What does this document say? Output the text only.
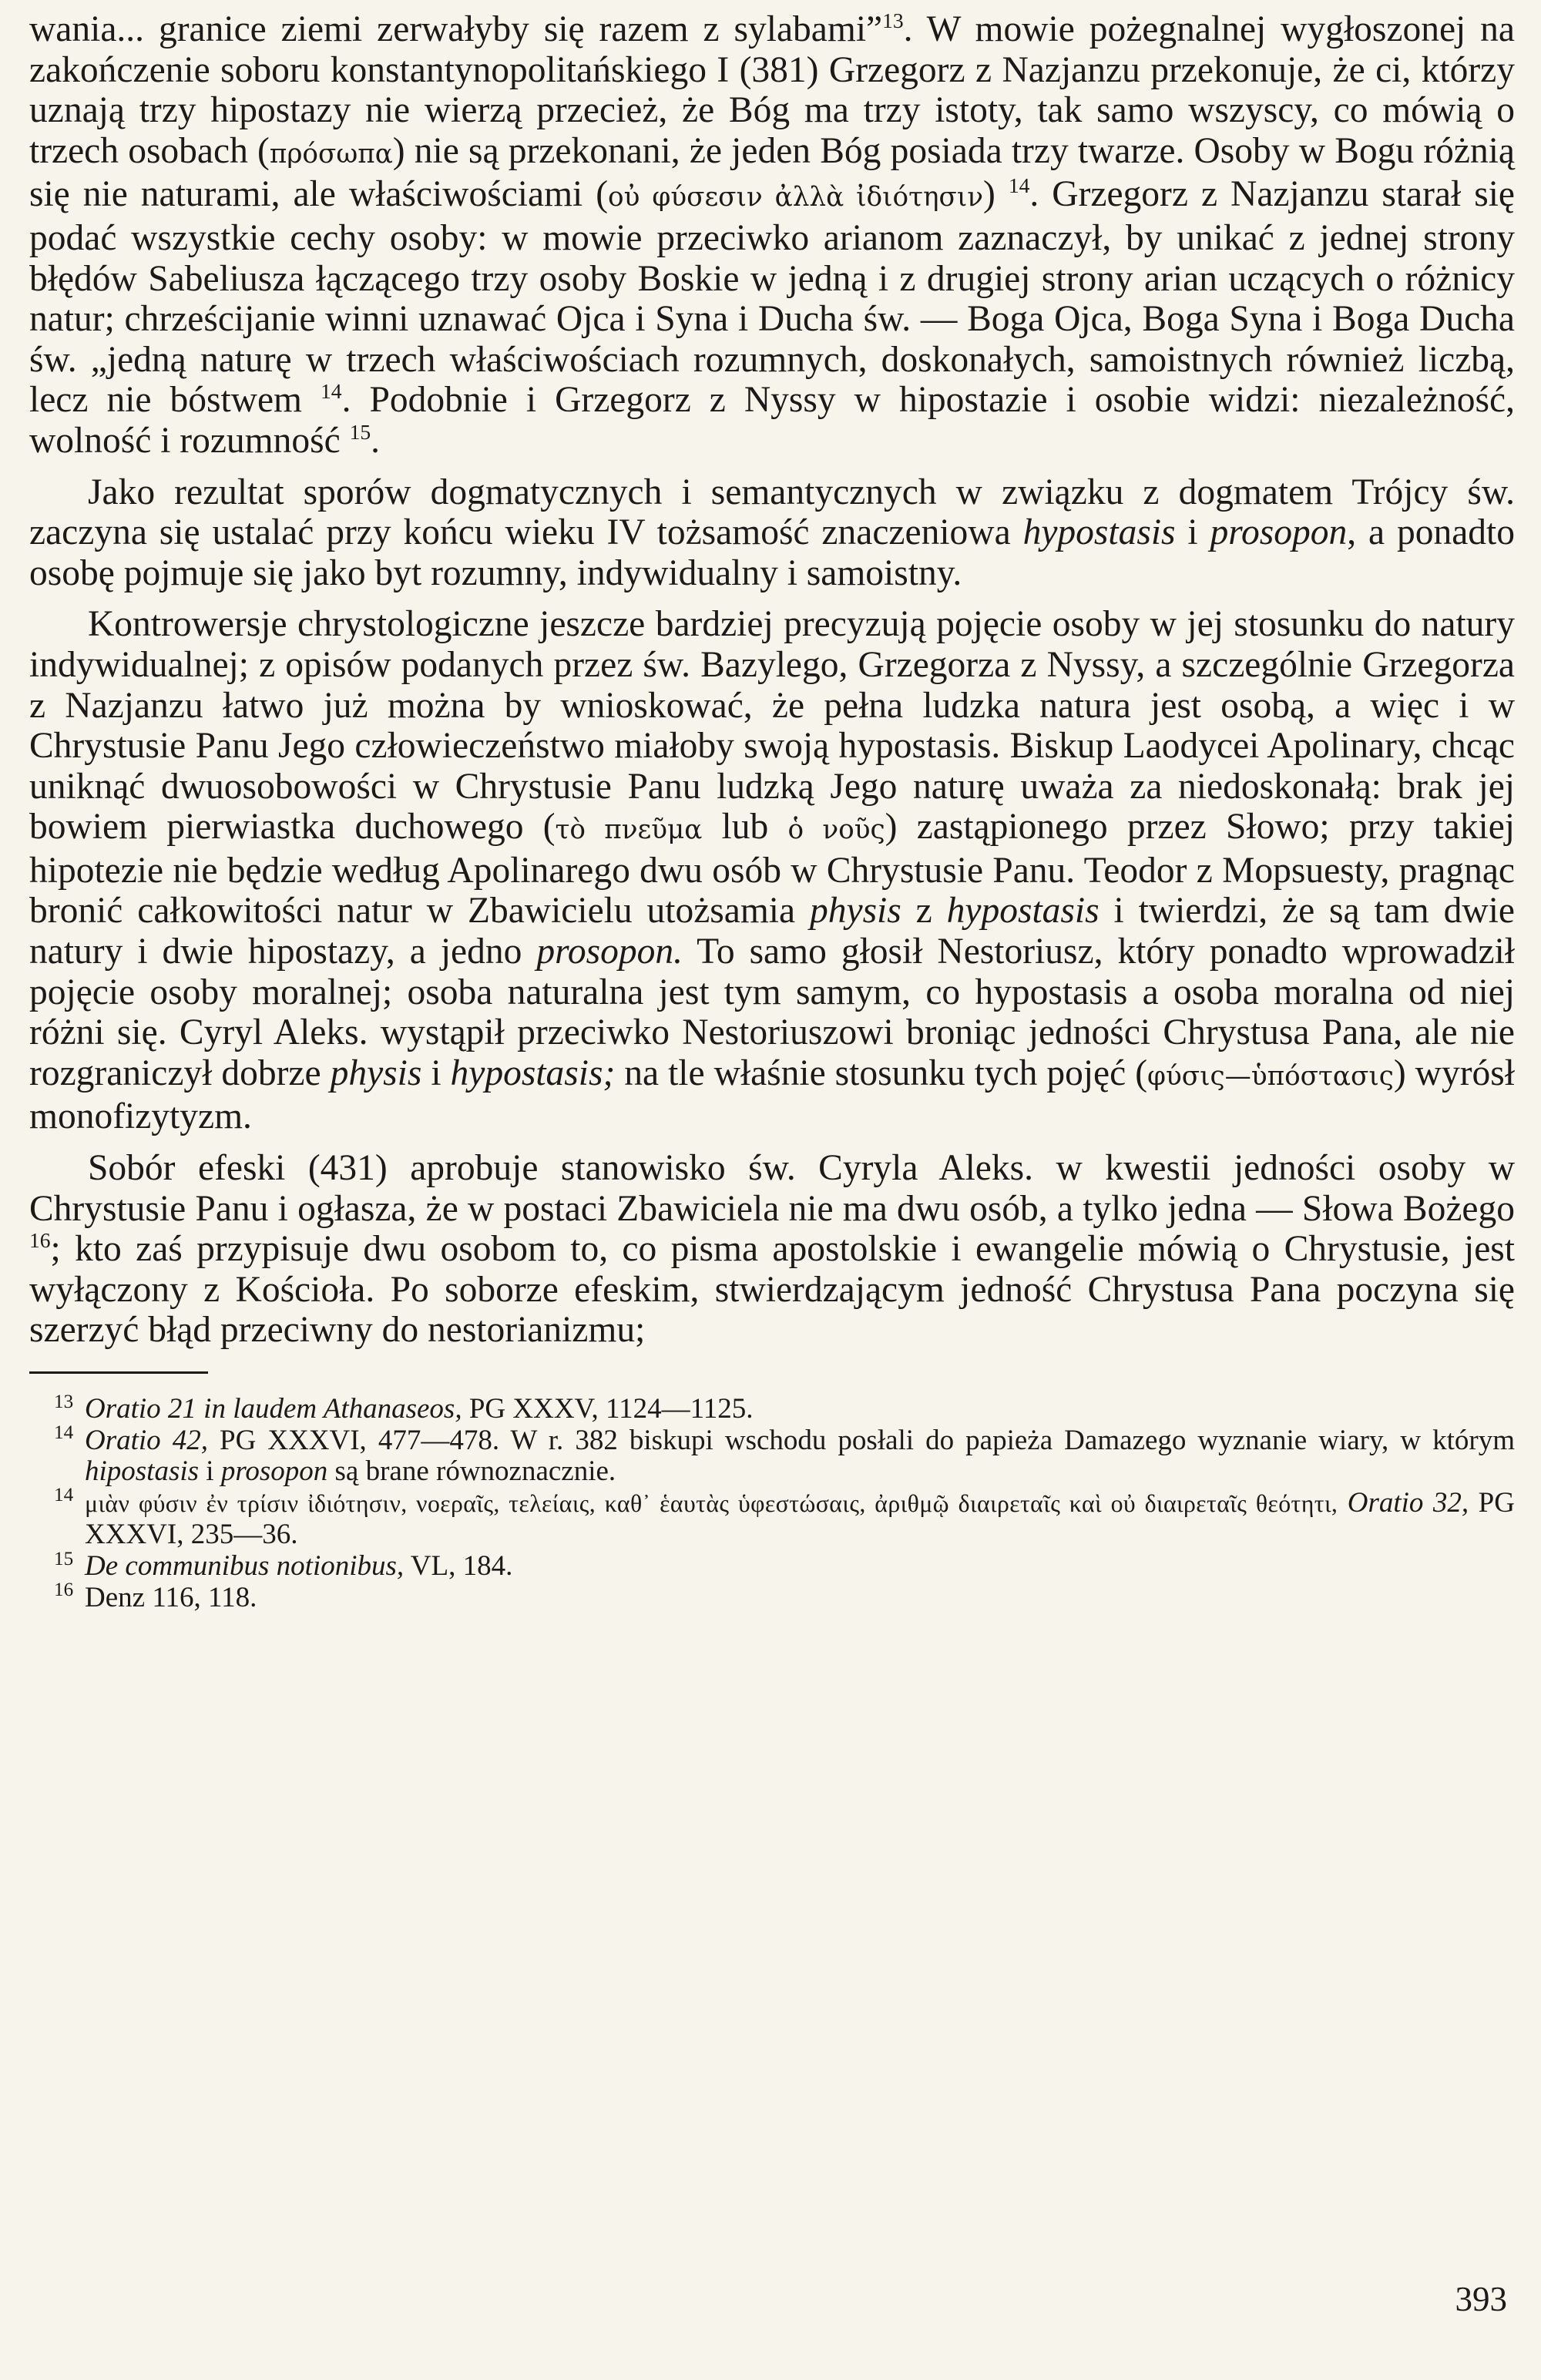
wania... granice ziemi zerwałyby się razem z sylabami”$^{13}$. W mowie pożegnalnej wygłoszonej na zakończenie soboru konstantynopolitańskiego I (381) Grzegorz z Nazjanzu przekonuje, że ci, którzy uznają trzy hipostazy nie wierzą przecież, że Bóg ma trzy istoty, tak samo wszyscy, co mówią o trzech osobach (πρόσωπα) nie są przekonani, że jeden Bóg posiada trzy twarze. Osoby w Bogu różnią się nie naturami, ale właściwościami (οὐ φύσεσιν ἀλλὰ ἰδιότησιν) $^{14}$. Grzegorz z Nazjanzu starał się podać wszystkie cechy osoby: w mowie przeciwko arianom zaznaczył, by unikać z jednej strony błędów Sabeliusza łączącego trzy osoby Boskie w jedną i z drugiej strony arian uczących o różnicy natur; chrześcijanie winni uznawać Ojca i Syna i Ducha św. — Boga Ojca, Boga Syna i Boga Ducha św. „jedną naturę w trzech właściwościach rozumnych, doskonałych, samoistnych również liczbą, lecz nie bóstwem $^{14}$. Podobnie i Grzegorz z Nyssy w hipostazie i osobie widzi: niezależność, wolność i rozumność $^{15}$.

Jako rezultat sporów dogmatycznych i semantycznych w związku z dogmatem Trójcy św. zaczyna się ustalać przy końcu wieku IV tożsamość znaczeniowa hypostasis i prosopon, a ponadto osobę pojmuje się jako byt rozumny, indywidualny i samoistny.

Kontrowersje chrystologiczne jeszcze bardziej precyzują pojęcie osoby w jej stosunku do natury indywidualnej; z opisów podanych przez św. Bazylego, Grzegorza z Nyssy, a szczególnie Grzegorza z Nazjanzu łatwo już można by wnioskować, że pełna ludzka natura jest osobą, a więc i w Chrystusie Panu Jego człowieczeństwo miałoby swoją hypostasis. Biskup Laodycei Apolinary, chcąc uniknąć dwuosobowości w Chrystusie Panu ludzką Jego naturę uważa za niedoskonałą: brak jej bowiem pierwiastka duchowego (τὸ πνεῦμα lub ὁ νοῦς) zastąpionego przez Słowo; przy takiej hipotezie nie będzie według Apolinarego dwu osób w Chrystusie Panu. Teodor z Mopsuesty, pragnąc bronić całkowitości natur w Zbawicielu utożsamia physis z hypostasis i twierdzi, że są tam dwie natury i dwie hipostazy, a jedno prosopon. To samo głosił Nestoriusz, który ponadto wprowadził pojęcie osoby moralnej; osoba naturalna jest tym samym, co hypostasis a osoba moralna od niej różni się. Cyryl Aleks. wystąpił przeciwko Nestoriuszowi broniąc jedności Chrystusa Pana, ale nie rozgraniczył dobrze physis i hypostasis; na tle właśnie stosunku tych pojęć (φύσις—ὑπόστασις) wyrósł monofizytyzm.

Sobór efeski (431) aprobuje stanowisko św. Cyryla Aleks. w kwestii jedności osoby w Chrystusie Panu i ogłasza, że w postaci Zbawiciela nie ma dwu osób, a tylko jedna — Słowa Bożego $^{16}$; kto zaś przypisuje dwu osobom to, co pisma apostolskie i ewangelie mówią o Chrystusie, jest wyłączony z Kościoła. Po soborze efeskim, stwierdzającym jedność Chrystusa Pana poczyna się szerzyć błąd przeciwny do nestorianizmu;

13 Oratio 21 in laudem Athanaseos, PG XXXV, 1124—1125.

14 Oratio 42, PG XXXVI, 477—478. W r. 382 biskupi wschodu posłali do papieża Damazego wyznanie wiary, w którym hipostasis i prosopon są brane równoznacznie.

14 μιὰν φύσιν ἐν τρίσιν ἰδιότησιν, νοεραῖς, τελείαις, καθ᾽ ἑαυτὰς ὑφεστώσαις, ἀριθμῷ διαιρεταῖς καὶ οὐ διαιρεταῖς θεότητι, Oratio 32, PG XXXVI, 235—36.

15 De communibus notionibus, VL, 184.

16 Denz 116, 118.

393
